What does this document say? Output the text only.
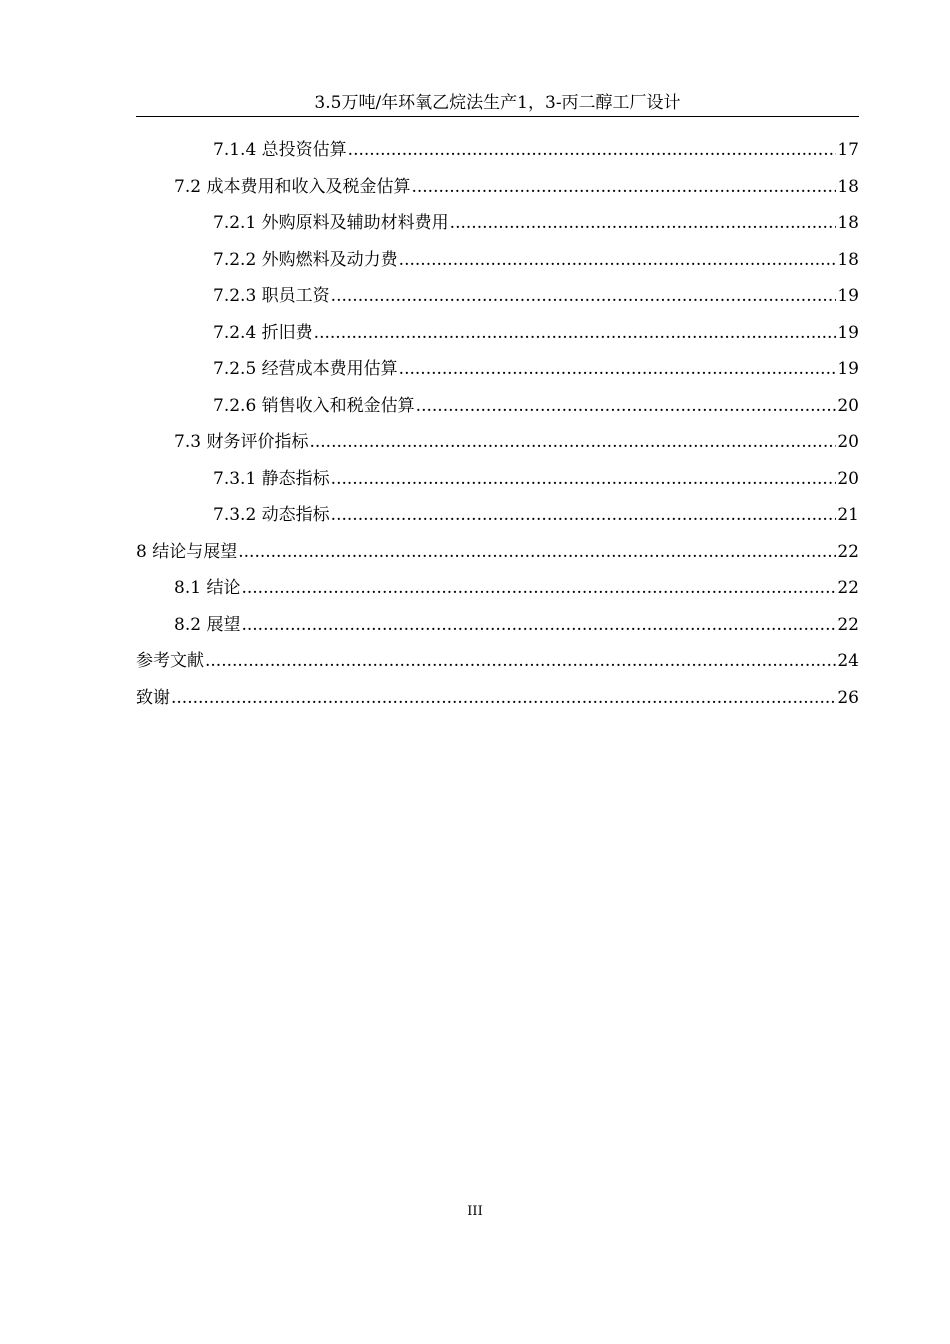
3.5万吨/年环氧乙烷法生产1，3-丙二醇工厂设计
7.1.4 总投资估算 .....	17
7.2 成本费用和收入及税金估算 .....	18
7.2.1 外购原料及辅助材料费用 .....	18
7.2.2 外购燃料及动力费 .....	18
7.2.3 职员工资 .....	19
7.2.4 折旧费 .....	19
7.2.5 经营成本费用估算 .....	19
7.2.6 销售收入和税金估算 .....	20
7.3 财务评价指标 .....	20
7.3.1 静态指标 .....	20
7.3.2 动态指标 .....	21
8 结论与展望 .....	22
8.1 结论 .....	22
8.2 展望 .....	22
参考文献 .....	24
致谢 .....	26
III
